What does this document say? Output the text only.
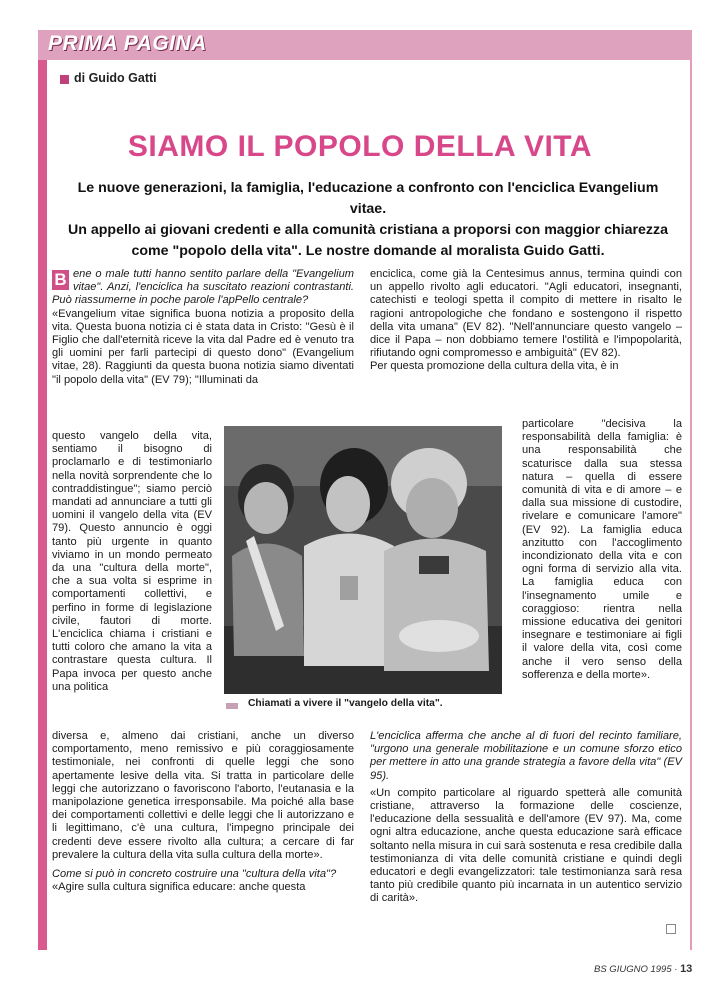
PRIMA PAGINA
di Guido Gatti
SIAMO IL POPOLO DELLA VITA
Le nuove generazioni, la famiglia, l'educazione a confronto con l'enciclica Evangelium vitae.
Un appello ai giovani credenti e alla comunità cristiana a proporsi con maggior chiarezza
come "popolo della vita". Le nostre domande al moralista Guido Gatti.

B ene o male tutti hanno sentito parlare della "Evangelium vitae". Anzi, l'enciclica ha suscitato reazioni contrastanti. Può riassumerne in poche parole l'apPello centrale?

«Evangelium vitae significa buona notizia a proposito della vita. Questa buona notizia ci è stata data in Cristo: "Gesù è il Figlio che dall'eternità riceve la vita dal Padre ed è venuto tra gli uomini per farli partecipi di questo dono" (Evangelium vitae, 28). Raggiunti da questa buona notizia siamo diventati "il popolo della vita" (EV 79); "Illuminati da

questo vangelo della vita, sentiamo il bisogno di proclamarlo e di testimoniarlo nella novità sorprendente che lo contraddistingue"; siamo perciò mandati ad annunciare a tutti gli uomini il vangelo della vita (EV 79). Questo annuncio è oggi tanto più urgente in quanto viviamo in un mondo permeato da una "cultura della morte", che a sua volta si esprime in comportamenti collettivi, e perfino in forme di legislazione civile, fautori di morte. L'enciclica chiama i cristiani e tutti coloro che amano la vita a contrastare questa cultura. Il Papa invoca per questo anche una politica

diversa e, almeno dai cristiani, anche un diverso comportamento, meno remissivo e più coraggiosamente testimoniale, nei confronti di quelle leggi che sono apertamente lesive della vita. Si tratta in particolare delle leggi che autorizzano o favoriscono l'aborto, l'eutanasia e la manipolazione genetica irresponsabile. Ma poiché alla base dei comportamenti collettivi e delle leggi che li autorizzano e li legittimano, c'è una cultura, l'impegno principale dei credenti deve essere rivolto alla cultura; a cercare di far prevalere la cultura della vita sulla cultura della morte».

Come si può in concreto costruire una "cultura della vita"?

«Agire sulla cultura significa educare: anche questa

enciclica, come già la Centesimus annus, termina quindi con un appello rivolto agli educatori. "Agli educatori, insegnanti, catechisti e teologi spetta il compito di mettere in risalto le ragioni antropologiche che fondano e sostengono il rispetto della vita umana" (EV 82). "Nell'annunciare questo vangelo – dice il Papa – non dobbiamo temere l'ostilità e l'impopolarità, rifiutando ogni compromesso e ambiguità" (EV 82).

Per questa promozione della cultura della vita, è in

particolare "decisiva la responsabilità della famiglia: è una responsabilità che scaturisce dalla sua stessa natura – quella di essere comunità di vita e di amore – e dalla sua missione di custodire, rivelare e comunicare l'amore" (EV 92). La famiglia educa anzitutto con l'accoglimento incondizionato della vita e con ogni forma di servizio alla vita. La famiglia educa con l'insegnamento umile e coraggioso: rientra nella missione educativa dei genitori insegnare e testimoniare ai figli il valore della vita, così come anche il vero senso della sofferenza e della morte».

L'enciclica afferma che anche al di fuori del recinto familiare, "urgono una generale mobilitazione e un comune sforzo etico per mettere in atto una grande strategia a favore della vita" (EV 95).

«Un compito particolare al riguardo spetterà alle comunità cristiane, attraverso la formazione delle coscienze, l'educazione della sessualità e dell'amore (EV 97). Ma, come ogni altra educazione, anche questa educazione sarà efficace soltanto nella misura in cui sarà sostenuta e resa credibile dalla testimonianza di vita delle comunità cristiane e quindi degli educatori e degli evangelizzatori: tale testimonianza sarà resa tanto più credibile quanto più incarnata in un autentico servizio di carità».

Chiamati a vivere il "vangelo della vita".
BS GIUGNO 1995 · 13
